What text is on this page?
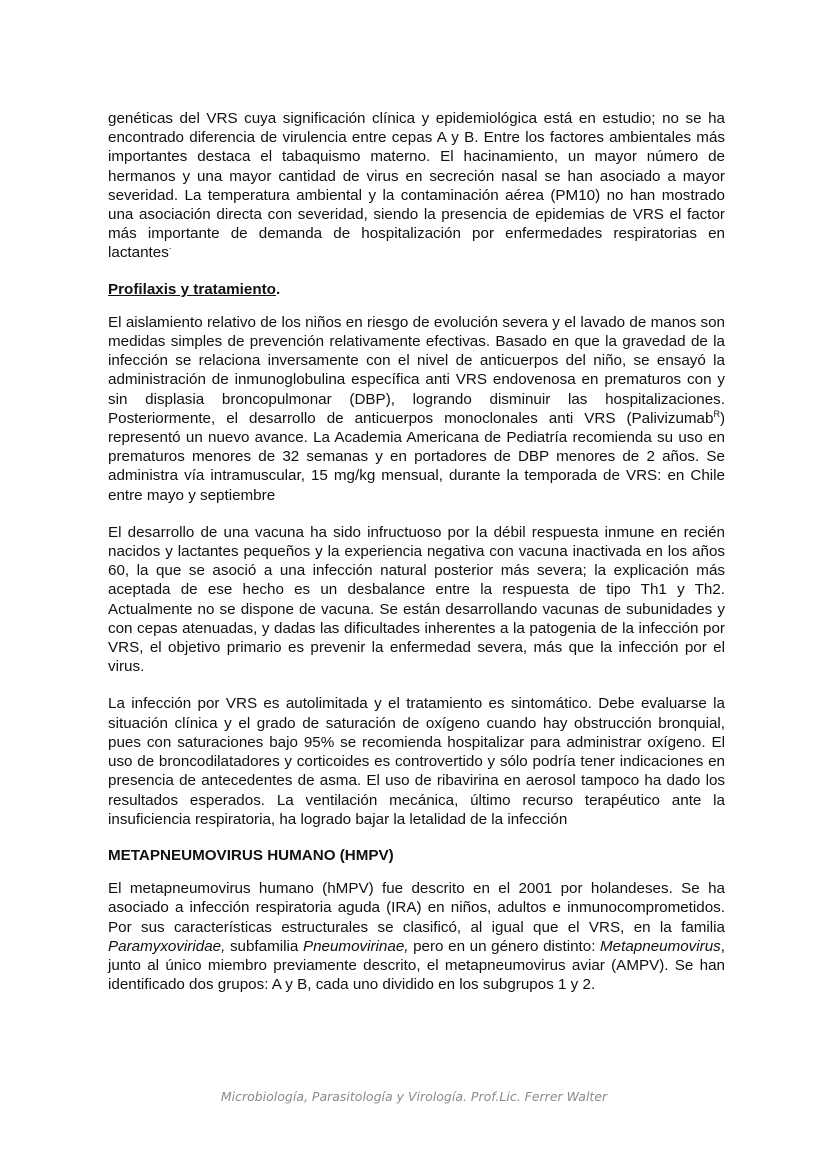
genéticas del VRS cuya significación clínica y epidemiológica está en estudio; no se ha encontrado diferencia de virulencia entre cepas A y B. Entre los factores ambientales más importantes destaca el tabaquismo materno. El hacinamiento, un mayor número de hermanos y una mayor cantidad de virus en secreción nasal se han asociado a mayor severidad. La temperatura ambiental y la contaminación aérea (PM10) no han mostrado una asociación directa con severidad, siendo la presencia de epidemias de VRS el factor más importante de demanda de hospitalización por enfermedades respiratorias en lactantes·

Profilaxis y tratamiento.

El aislamiento relativo de los niños en riesgo de evolución severa y el lavado de manos son medidas simples de prevención relativamente efectivas. Basado en que la gravedad de la infección se relaciona inversamente con el nivel de anticuerpos del niño, se ensayó la administración de inmunoglobulina específica anti VRS endovenosa en prematuros con y sin displasia broncopulmonar (DBP), logrando disminuir las hospitalizaciones. Posteriormente, el desarrollo de anticuerpos monoclonales anti VRS (Palivizumab$^R$) representó un nuevo avance. La Academia Americana de Pediatría recomienda su uso en prematuros menores de 32 semanas y en portadores de DBP menores de 2 años. Se administra vía intramuscular, 15 mg/kg mensual, durante la temporada de VRS: en Chile entre mayo y septiembre

El desarrollo de una vacuna ha sido infructuoso por la débil respuesta inmune en recién nacidos y lactantes pequeños y la experiencia negativa con vacuna inactivada en los años 60, la que se asoció a una infección natural posterior más severa; la explicación más aceptada de ese hecho es un desbalance entre la respuesta de tipo Th1 y Th2. Actualmente no se dispone de vacuna. Se están desarrollando vacunas de subunidades y con cepas atenuadas, y dadas las dificultades inherentes a la patogenia de la infección por VRS, el objetivo primario es prevenir la enfermedad severa, más que la infección por el virus.

La infección por VRS es autolimitada y el tratamiento es sintomático. Debe evaluarse la situación clínica y el grado de saturación de oxígeno cuando hay obstrucción bronquial, pues con saturaciones bajo 95% se recomienda hospitalizar para administrar oxígeno. El uso de broncodilatadores y corticoides es controvertido y sólo podría tener indicaciones en presencia de antecedentes de asma. El uso de ribavirina en aerosol tampoco ha dado los resultados esperados. La ventilación mecánica, último recurso terapéutico ante la insuficiencia respiratoria, ha logrado bajar la letalidad de la infección

METAPNEUMOVIRUS HUMANO (HMPV)

El metapneumovirus humano (hMPV) fue descrito en el 2001 por holandeses. Se ha asociado a infección respiratoria aguda (IRA) en niños, adultos e inmunocomprometidos. Por sus características estructurales se clasificó, al igual que el VRS, en la familia Paramyxoviridae, subfamilia Pneumovirinae, pero en un género distinto: Metapneumovirus, junto al único miembro previamente descrito, el metapneumovirus aviar (AMPV). Se han identificado dos grupos: A y B, cada uno dividido en los subgrupos 1 y 2.

Microbiología, Parasitología y Virología. Prof.Lic. Ferrer Walter
